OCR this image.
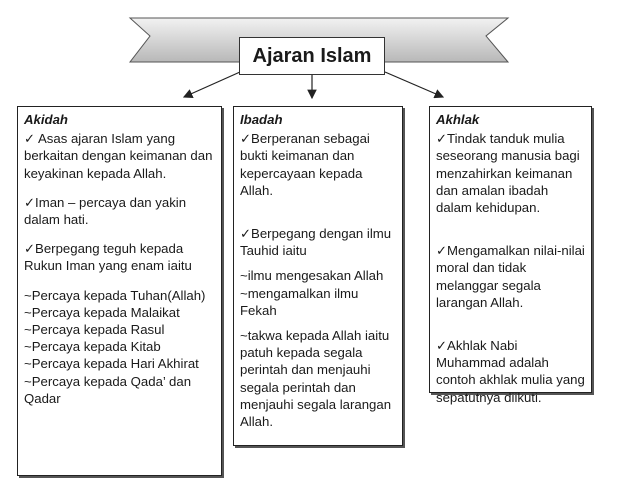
Ajaran Islam
Akidah
✓ Asas ajaran Islam yang berkaitan dengan keimanan dan keyakinan kepada Allah.
✓Iman – percaya dan yakin dalam hati.
✓Berpegang teguh kepada Rukun Iman yang enam iaitu
~Percaya kepada Tuhan(Allah)
~Percaya kepada Malaikat
~Percaya kepada Rasul
~Percaya kepada Kitab
~Percaya kepada Hari Akhirat
~Percaya kepada Qada’ dan Qadar
Ibadah
✓Berperanan sebagai bukti keimanan dan kepercayaan kepada Allah.
✓Berpegang dengan ilmu Tauhid iaitu
~ilmu mengesakan Allah ~mengamalkan ilmu Fekah
~takwa kepada Allah iaitu patuh kepada segala perintah dan menjauhi segala perintah dan menjauhi segala larangan Allah.
Akhlak
✓Tindak tanduk mulia seseorang manusia bagi menzahirkan keimanan dan amalan ibadah dalam kehidupan.
✓Mengamalkan nilai-nilai moral dan tidak melanggar segala larangan Allah.
✓Akhlak Nabi Muhammad adalah contoh akhlak mulia yang sepatutnya diikuti.
